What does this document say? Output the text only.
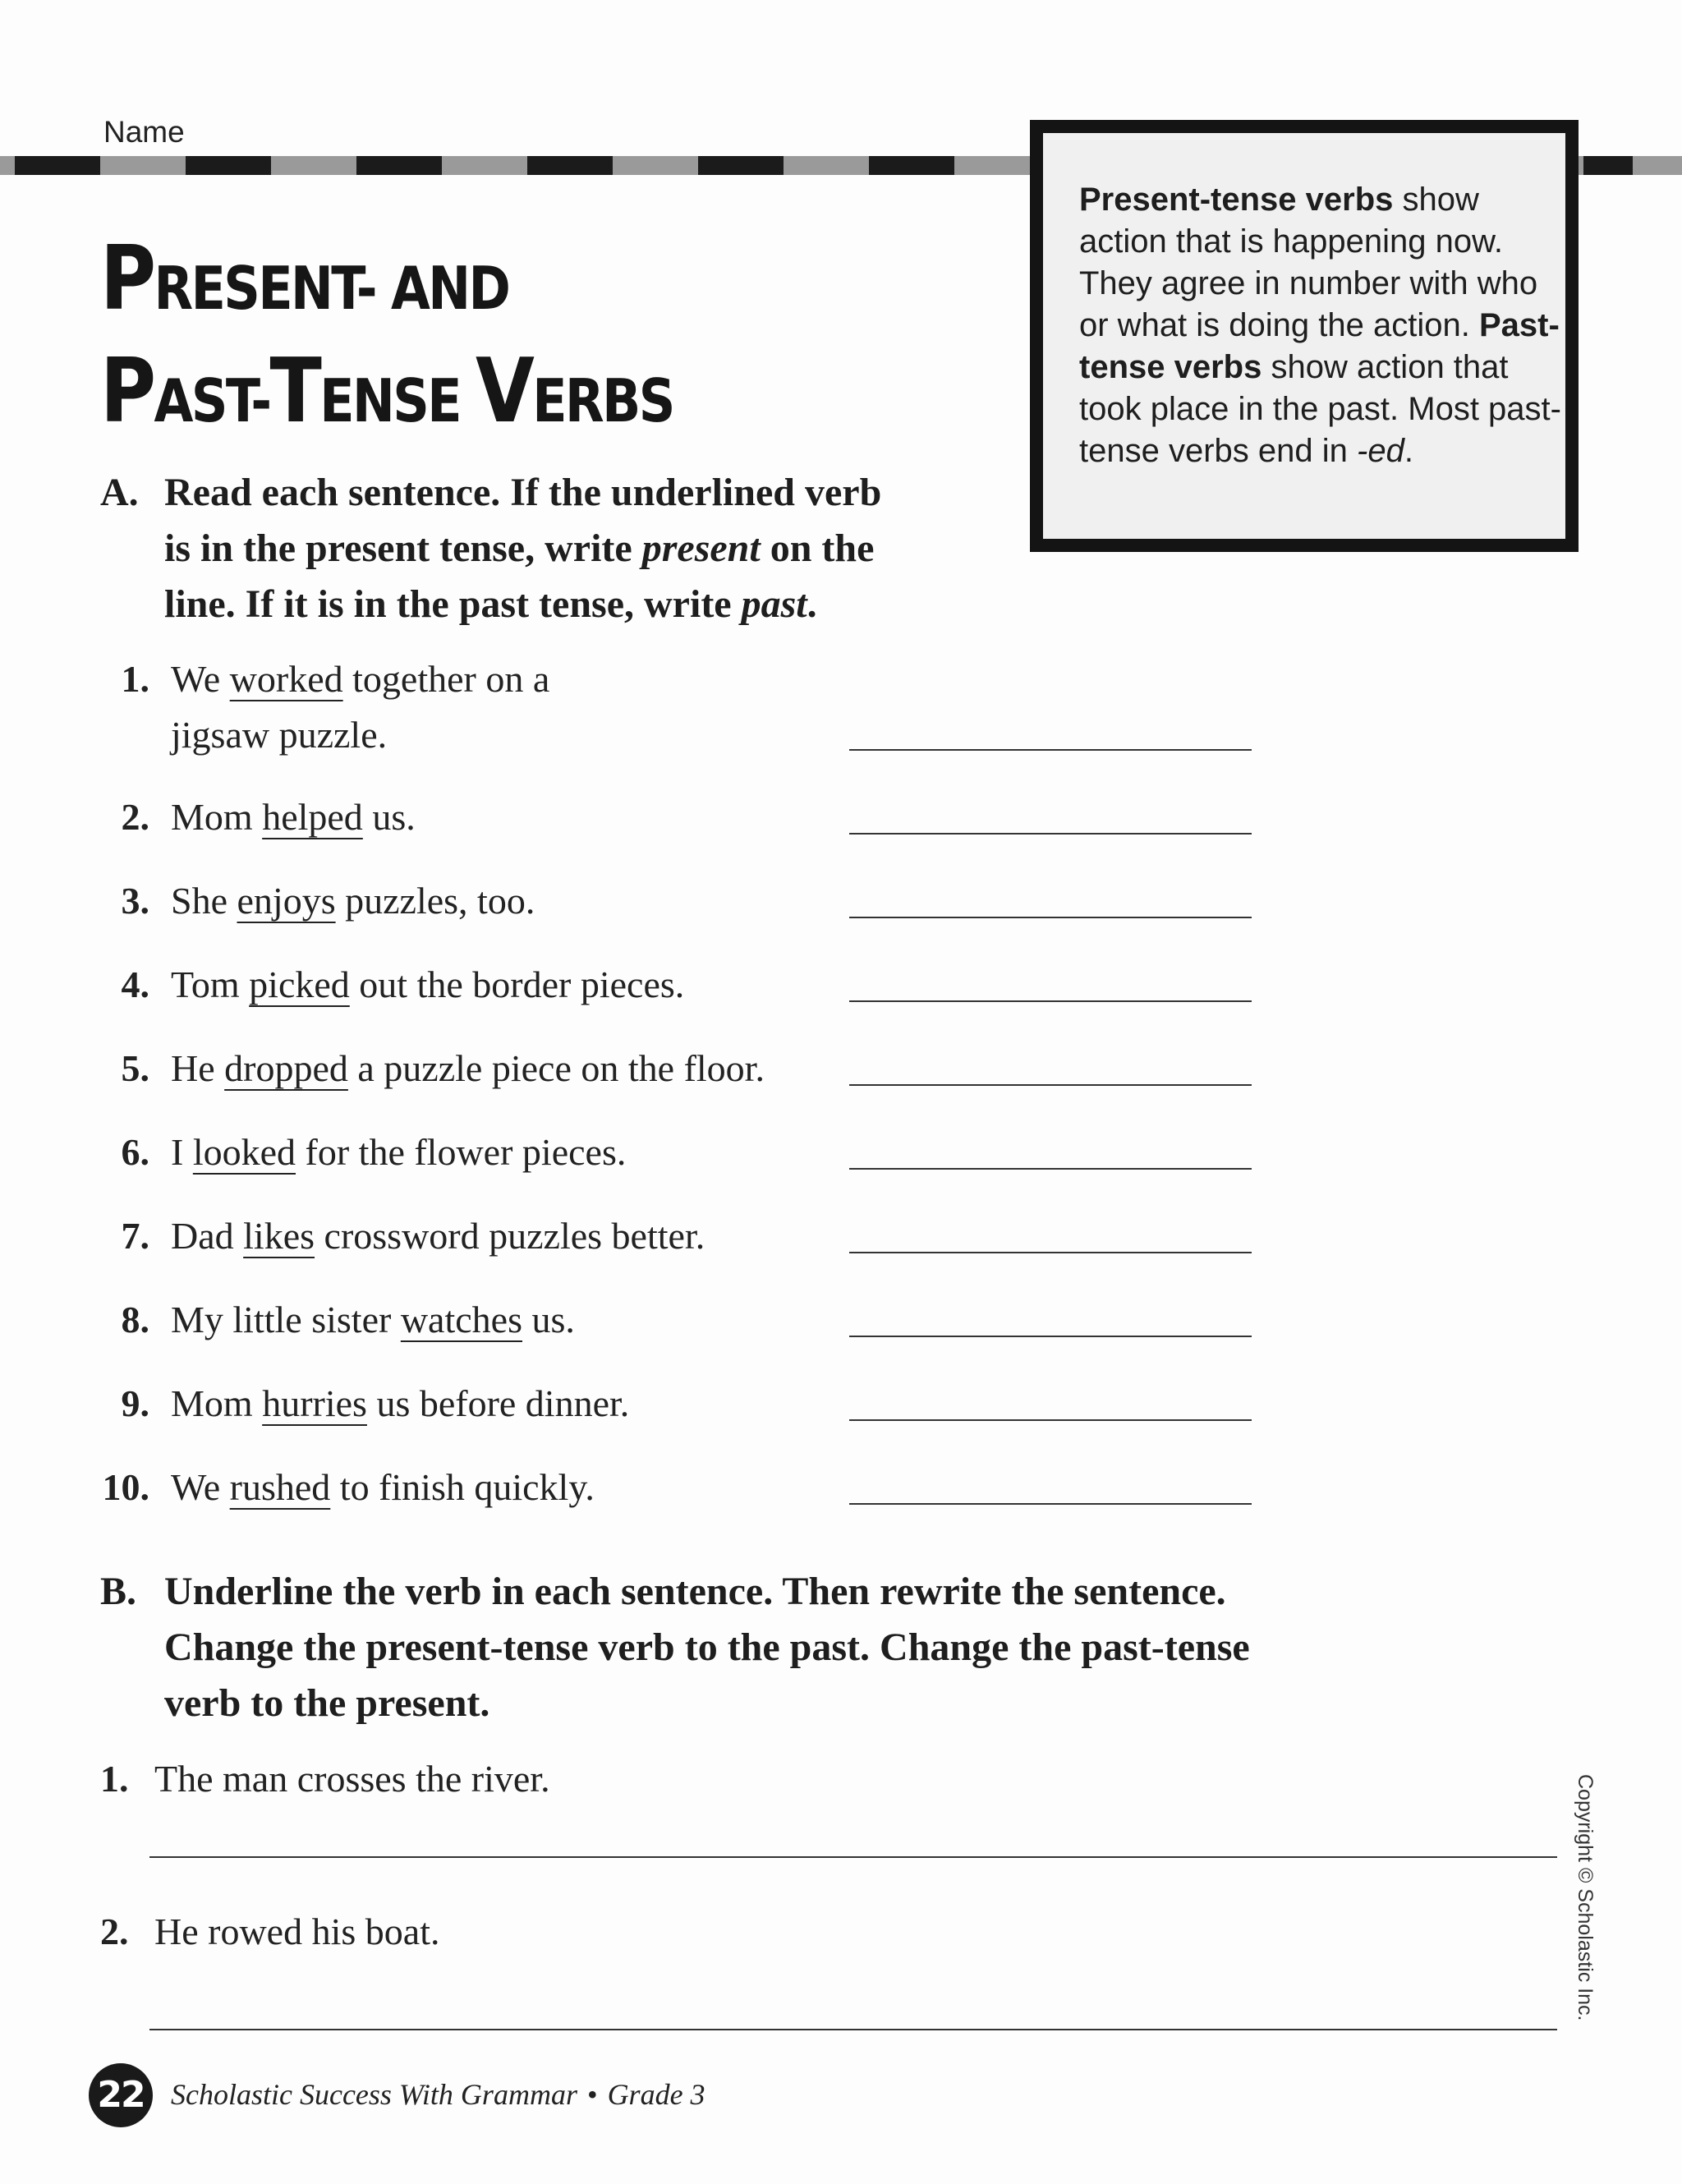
Name
PRESENT- AND
PAST-TENSE VERBS
Present-tense verbs show action that is happening now. They agree in number with who or what is doing the action. Past-tense verbs show action that took place in the past. Most past-tense verbs end in -ed.
A. Read each sentence. If the underlined verb
is in the present tense, write present on the
line. If it is in the past tense, write past.
1. We worked together on a
jigsaw puzzle.
2. Mom helped us.
3. She enjoys puzzles, too.
4. Tom picked out the border pieces.
5. He dropped a puzzle piece on the floor.
6. I looked for the flower pieces.
7. Dad likes crossword puzzles better.
8. My little sister watches us.
9. Mom hurries us before dinner.
10. We rushed to finish quickly.
B. Underline the verb in each sentence. Then rewrite the sentence.
Change the present-tense verb to the past. Change the past-tense
verb to the present.
1. The man crosses the river.
2. He rowed his boat.
22 Scholastic Success With Grammar • Grade 3
Copyright © Scholastic Inc.
